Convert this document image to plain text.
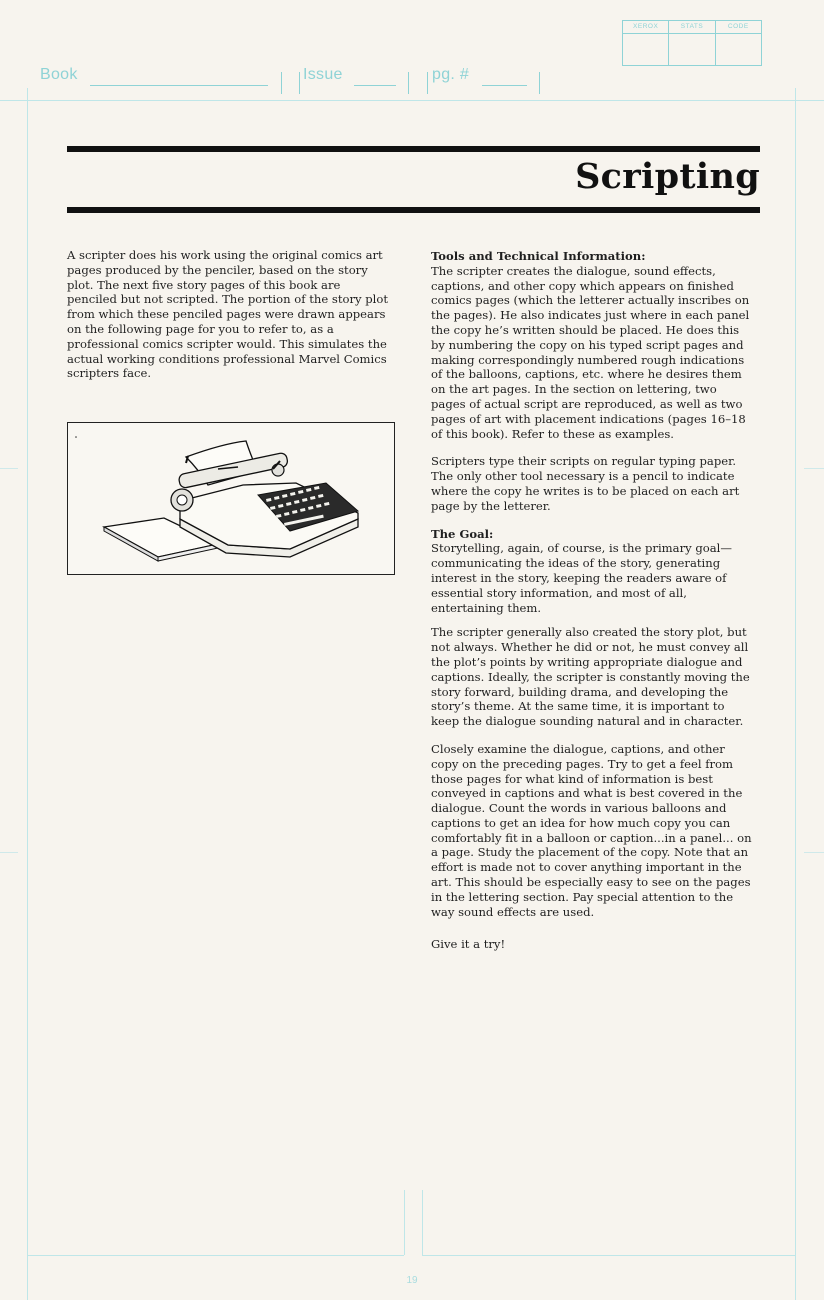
XEROX	STATS	CODE
Book	Issue	pg. #
Scripting

A scripter does his work using the original comics art pages produced by the penciler, based on the story plot. The next five story pages of this book are penciled but not scripted. The portion of the story plot from which these penciled pages were drawn appears on the following page for you to refer to, as a professional comics scripter would. This simulates the actual working conditions professional Marvel Comics scripters face.

Tools and Technical Information:

The scripter creates the dialogue, sound effects, captions, and other copy which appears on finished comics pages (which the letterer actually inscribes on the pages). He also indicates just where in each panel the copy he’s written should be placed. He does this by numbering the copy on his typed script pages and making correspondingly numbered rough indications of the balloons, captions, etc. where he desires them on the art pages. In the section on lettering, two pages of actual script are reproduced, as well as two pages of art with placement indications (pages 16–18 of this book). Refer to these as examples.

Scripters type their scripts on regular typing paper. The only other tool necessary is a pencil to indicate where the copy he writes is to be placed on each art page by the letterer.

The Goal:

Storytelling, again, of course, is the primary goal—communicating the ideas of the story, generating interest in the story, keeping the readers aware of essential story information, and most of all, entertaining them.

The scripter generally also created the story plot, but not always. Whether he did or not, he must convey all the plot’s points by writing appropriate dialogue and captions. Ideally, the scripter is constantly moving the story forward, building drama, and developing the story’s theme. At the same time, it is important to keep the dialogue sounding natural and in character.

Closely examine the dialogue, captions, and other copy on the preceding pages. Try to get a feel from those pages for what kind of information is best conveyed in captions and what is best covered in the dialogue. Count the words in various balloons and captions to get an idea for how much copy you can comfortably fit in a balloon or caption...in a panel... on a page. Study the placement of the copy. Note that an effort is made not to cover anything important in the art. This should be especially easy to see on the pages in the lettering section. Pay special attention to the way sound effects are used.

Give it a try!

19
